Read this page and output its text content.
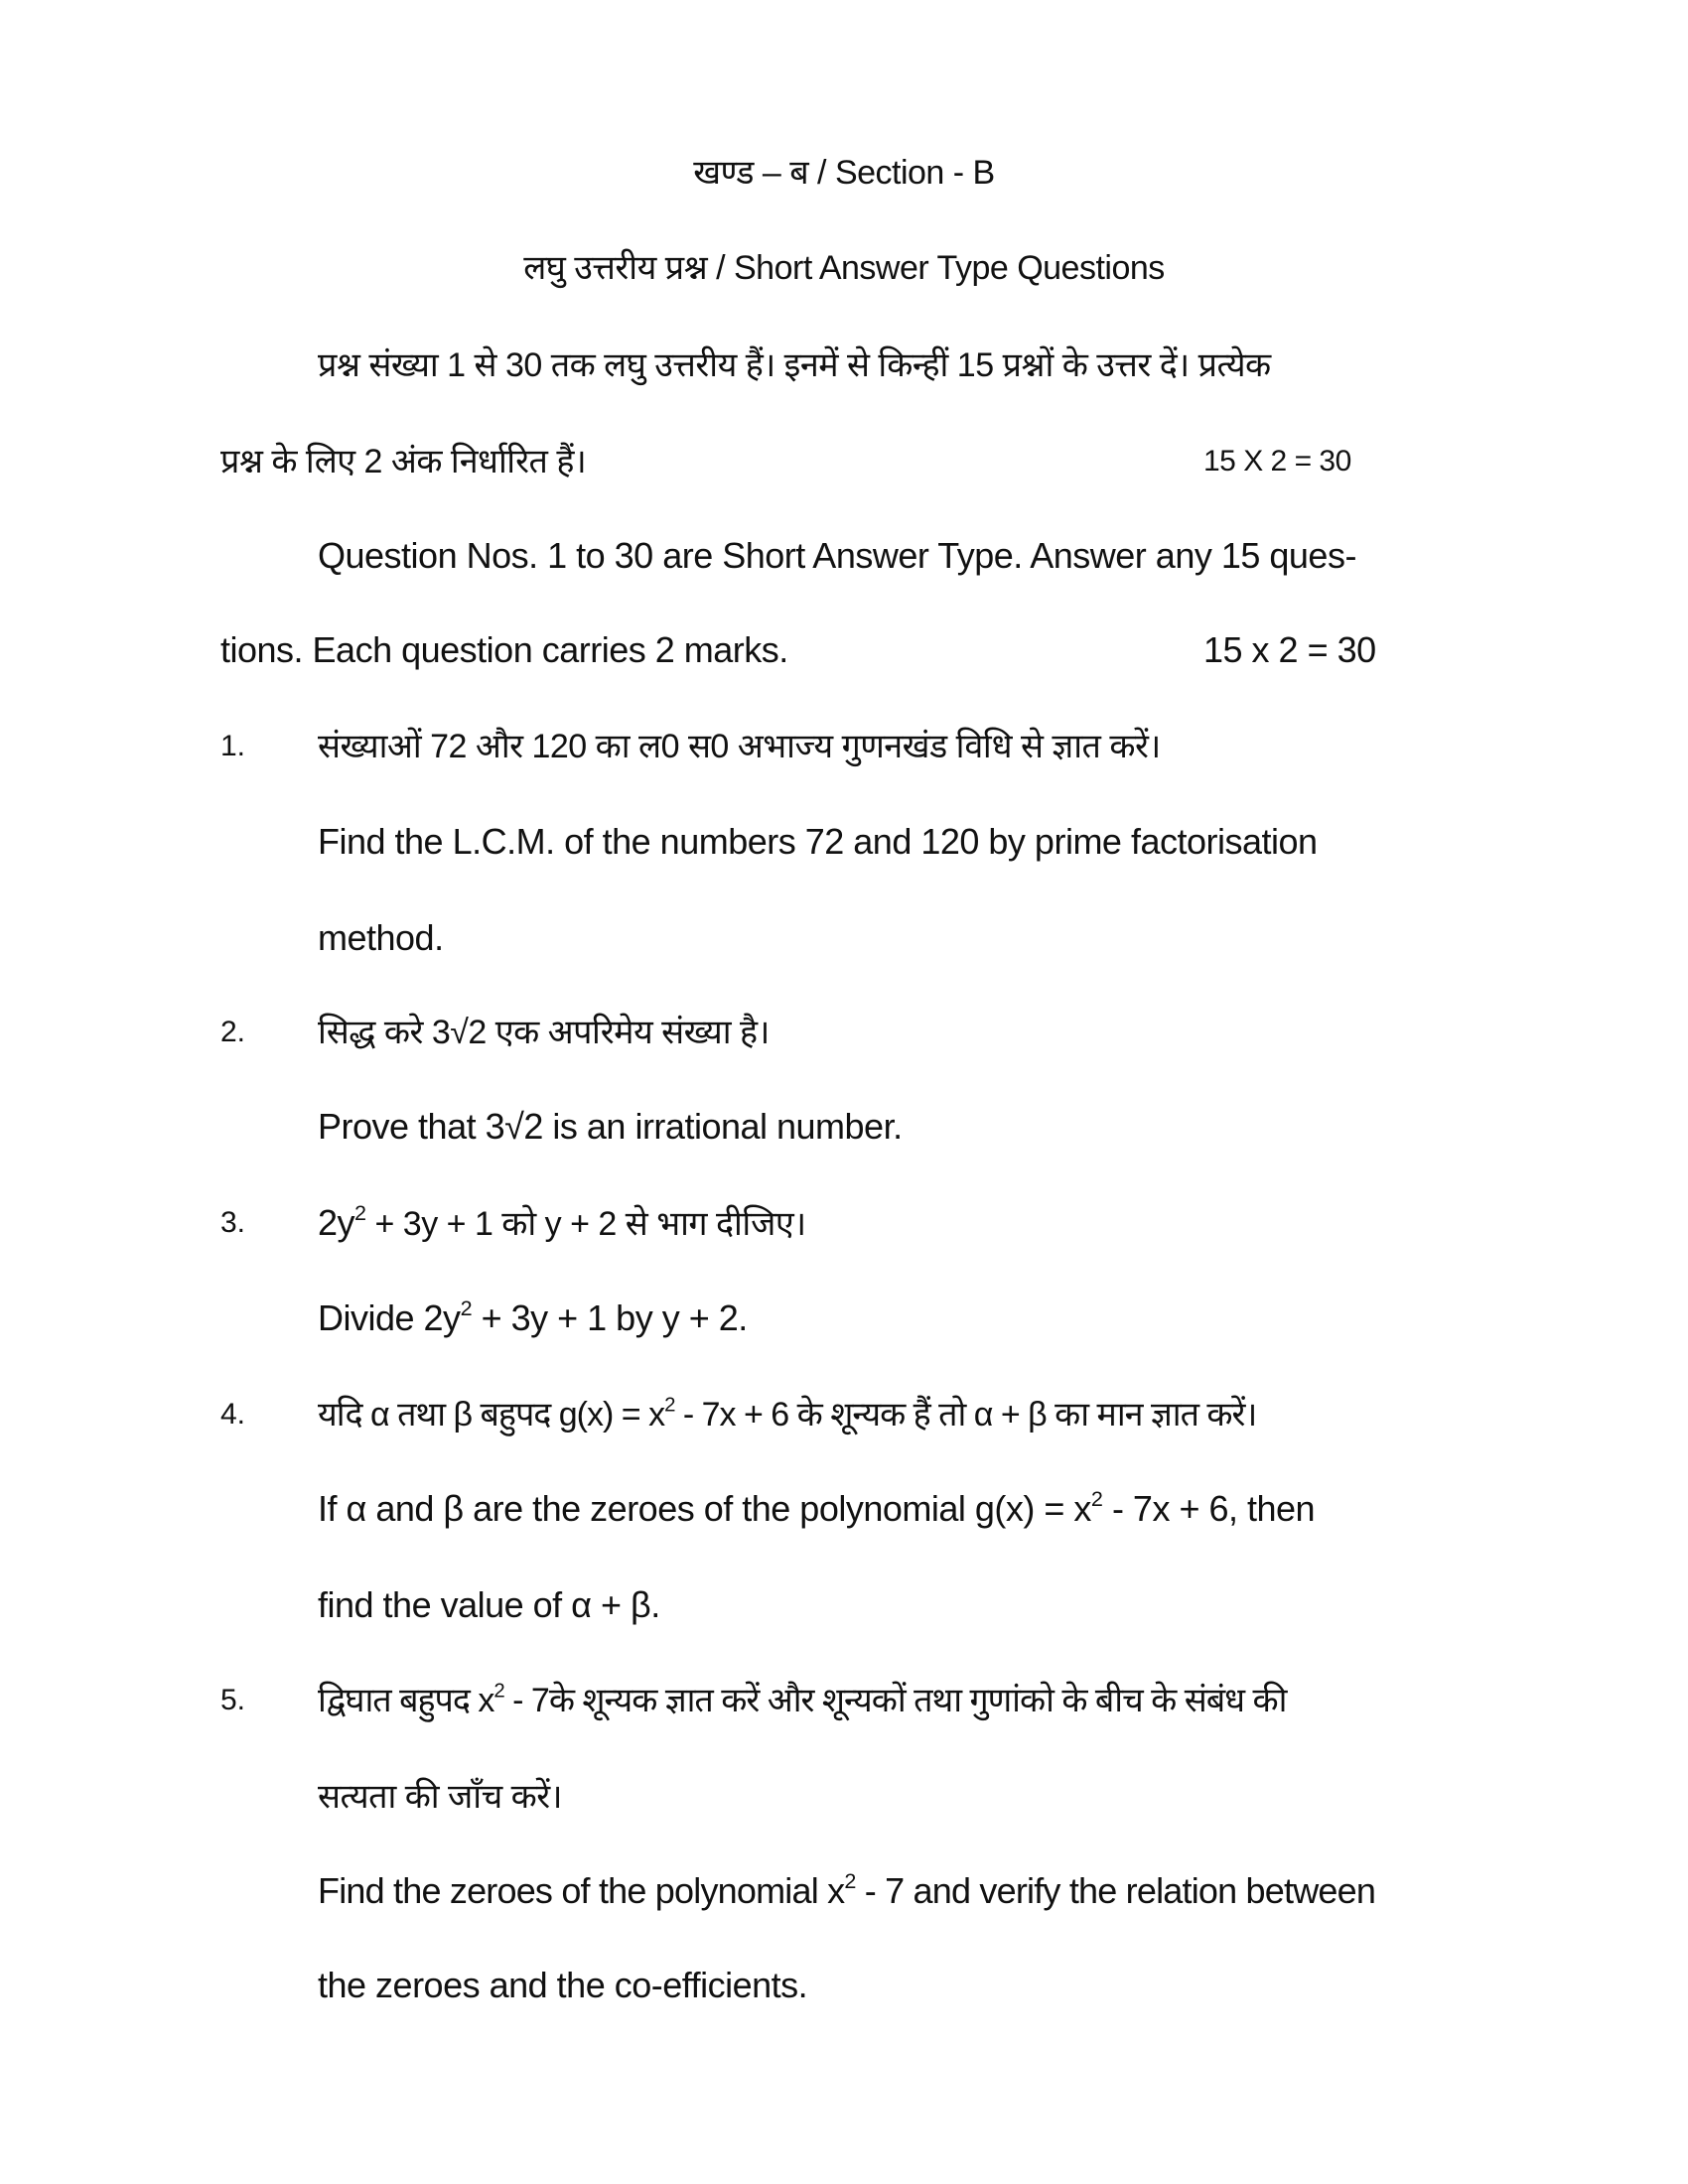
खण्ड – ब / Section - B
लघु उत्तरीय प्रश्न / Short Answer Type Questions
प्रश्न संख्या 1 से 30 तक लघु उत्तरीय हैं। इनमें से किन्हीं 15 प्रश्नों के उत्तर दें। प्रत्येक
प्रश्न के लिए 2 अंक निर्धारित हैं।	15 X 2 = 30
Question Nos. 1 to 30 are Short Answer Type. Answer any 15 ques-
tions. Each question carries 2 marks.	15 x 2 = 30
1. संख्याओं 72 और 120 का ल0 स0 अभाज्य गुणनखंड विधि से ज्ञात करें।
Find the L.C.M. of the numbers 72 and 120 by prime factorisation
method.
2. सिद्ध करे 3√2 एक अपरिमेय संख्या है।
Prove that 3√2 is an irrational number.
3. $2y^2 + 3y + 1$ को y + 2 से भाग दीजिए।
Divide $2y^2 + 3y + 1$ by y + 2.
4. यदि α तथा β बहुपद $g(x) = x^2 - 7x + 6$ के शून्यक हैं तो α + β का मान ज्ञात करें।
If α and β are the zeroes of the polynomial $g(x) = x^2 - 7x + 6$, then
find the value of α + β.
5. द्विघात बहुपद $x^2$ - 7के शून्यक ज्ञात करें और शून्यकों तथा गुणांको के बीच के संबंध की
सत्यता की जाँच करें।
Find the zeroes of the polynomial $x^2 - 7$ and verify the relation between
the zeroes and the co-efficients.
